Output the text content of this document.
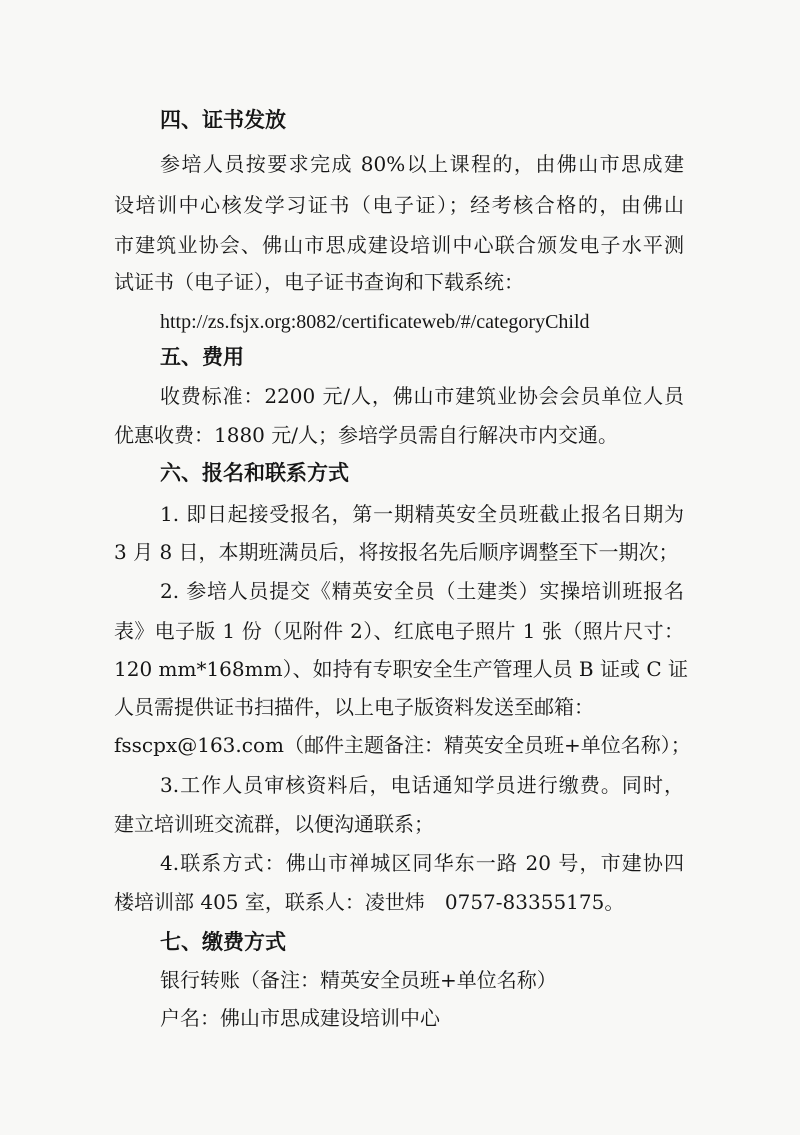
四、证书发放
参培人员按要求完成 80%以上课程的，由佛山市思成建
设培训中心核发学习证书（电子证）；经考核合格的，由佛山
市建筑业协会、佛山市思成建设培训中心联合颁发电子水平测
试证书（电子证），电子证书查询和下载系统：
http://zs.fsjx.org:8082/certificateweb/#/categoryChild
五、费用
收费标准：2200 元/人，佛山市建筑业协会会员单位人员
优惠收费：1880 元/人；参培学员需自行解决市内交通。
六、报名和联系方式
1. 即日起接受报名，第一期精英安全员班截止报名日期为
3 月 8 日，本期班满员后，将按报名先后顺序调整至下一期次；
2. 参培人员提交《精英安全员（土建类）实操培训班报名
表》电子版 1 份（见附件 2）、红底电子照片 1 张（照片尺寸：
120 mm*168mm）、如持有专职安全生产管理人员 B 证或 C 证
人员需提供证书扫描件，以上电子版资料发送至邮箱：
fsscpx@163.com（邮件主题备注：精英安全员班+单位名称）；
3.工作人员审核资料后，电话通知学员进行缴费。同时，
建立培训班交流群，以便沟通联系；
4.联系方式：佛山市禅城区同华东一路 20 号，市建协四
楼培训部 405 室，联系人：凌世炜　0757-83355175。
七、缴费方式
银行转账（备注：精英安全员班+单位名称）
户名：佛山市思成建设培训中心
